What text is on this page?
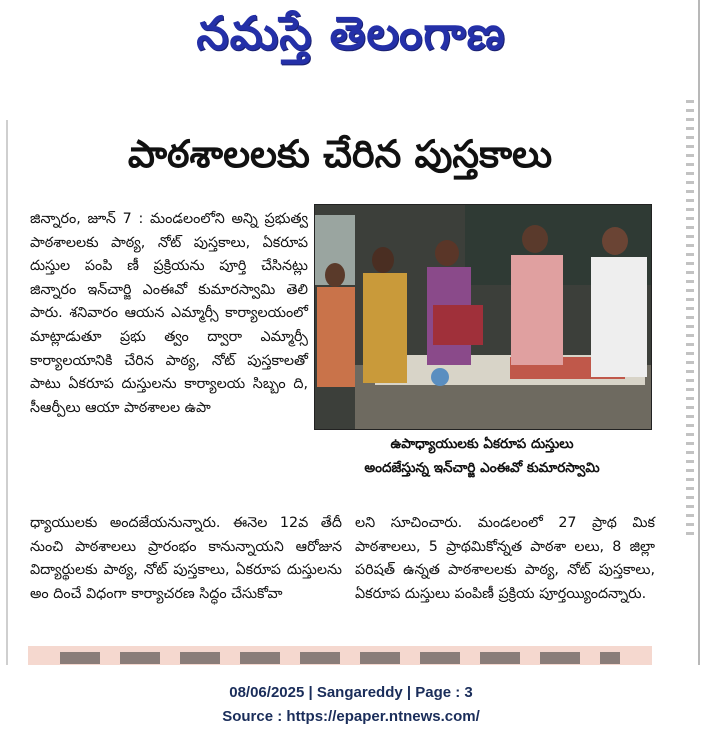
నమస్తే తెలంగాణ
పాఠశాలలకు చేరిన పుస్తకాలు
జిన్నారం, జూన్ 7 : మండలంలోని అన్ని ప్రభుత్వ పాఠశాలలకు పాఠ్య, నోట్ పుస్తకాలు, ఏకరూప దుస్తుల పంపి ణీ ప్రక్రియను పూర్తి చేసినట్లు జిన్నారం ఇన్‌చార్జి ఎంఈవో కుమారస్వామి తెలి పారు. శనివారం ఆయన ఎమ్మార్సీ కార్యాలయంలో మాట్లాడుతూ ప్రభు త్వం ద్వారా ఎమ్మార్సీ కార్యాలయానికి చేరిన పాఠ్య, నోట్ పుస్తకాలతో పాటు ఏకరూప దుస్తులను కార్యాలయ సిబ్బం ది, సీఆర్పీలు ఆయా పాఠశాలల ఉపా
ధ్యాయులకు అందజేయనున్నారు. ఈనెల 12వ తేదీ నుంచి పాఠశాలలు ప్రారంభం కానున్నాయని ఆరోజున విద్యార్థులకు పాఠ్య, నోట్ పుస్తకాలు, ఏకరూప దుస్తులను అం దించే విధంగా కార్యాచరణ సిద్ధం చేసుకోవా
లని సూచించారు. మండలంలో 27 ప్రాథ మిక పాఠశాలలు, 5 ప్రాథమికోన్నత పాఠశా లలు, 8 జిల్లా పరిషత్ ఉన్నత పాఠశాలలకు పాఠ్య, నోట్ పుస్తకాలు, ఏకరూప దుస్తులు పంపిణీ ప్రక్రియ పూర్తయ్యిందన్నారు.
ఉపాధ్యాయులకు ఏకరూప దుస్తులు
అందజేస్తున్న ఇన్‌చార్జి ఎంఈవో కుమారస్వామి
08/06/2025 | Sangareddy | Page : 3
Source : https://epaper.ntnews.com/
